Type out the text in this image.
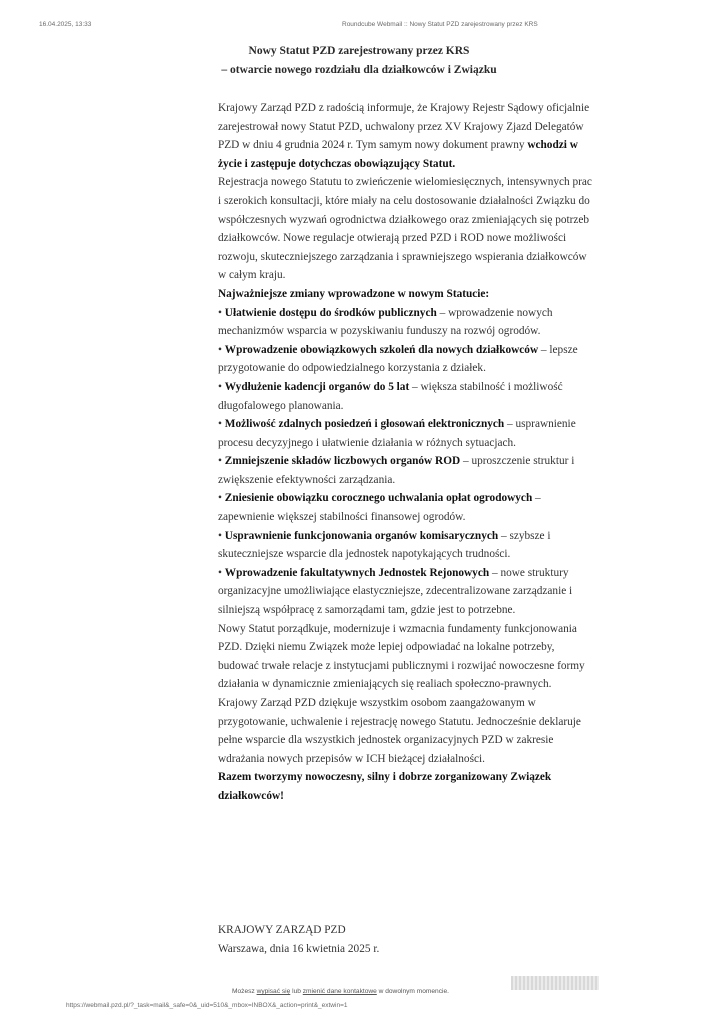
16.04.2025, 13:33	Roundcube Webmail :: Nowy Statut PZD zarejestrowany przez KRS
Nowy Statut PZD zarejestrowany przez KRS
– otwarcie nowego rozdziału dla działkowców i Związku

Krajowy Zarząd PZD z radością informuje, że Krajowy Rejestr Sądowy oficjalnie zarejestrował nowy Statut PZD, uchwalony przez XV Krajowy Zjazd Delegatów PZD w dniu 4 grudnia 2024 r. Tym samym nowy dokument prawny wchodzi w życie i zastępuje dotychczas obowiązujący Statut.

Rejestracja nowego Statutu to zwieńczenie wielomiesięcznych, intensywnych prac i szerokich konsultacji, które miały na celu dostosowanie działalności Związku do współczesnych wyzwań ogrodnictwa działkowego oraz zmieniających się potrzeb działkowców. Nowe regulacje otwierają przed PZD i ROD nowe możliwości rozwoju, skuteczniejszego zarządzania i sprawniejszego wspierania działkowców w całym kraju.

Najważniejsze zmiany wprowadzone w nowym Statucie:

• Ułatwienie dostępu do środków publicznych – wprowadzenie nowych mechanizmów wsparcia w pozyskiwaniu funduszy na rozwój ogrodów.
• Wprowadzenie obowiązkowych szkoleń dla nowych działkowców – lepsze przygotowanie do odpowiedzialnego korzystania z działek.
• Wydłużenie kadencji organów do 5 lat – większa stabilność i możliwość długofalowego planowania.
• Możliwość zdalnych posiedzeń i głosowań elektronicznych – usprawnienie procesu decyzyjnego i ułatwienie działania w różnych sytuacjach.
• Zmniejszenie składów liczbowych organów ROD – uproszczenie struktur i zwiększenie efektywności zarządzania.
• Zniesienie obowiązku corocznego uchwalania opłat ogrodowych – zapewnienie większej stabilności finansowej ogrodów.
• Usprawnienie funkcjonowania organów komisarycznych – szybsze i skuteczniejsze wsparcie dla jednostek napotykających trudności.
• Wprowadzenie fakultatywnych Jednostek Rejonowych – nowe struktury organizacyjne umożliwiające elastyczniejsze, zdecentralizowane zarządzanie i silniejszą współpracę z samorządami tam, gdzie jest to potrzebne.

Nowy Statut porządkuje, modernizuje i wzmacnia fundamenty funkcjonowania PZD. Dzięki niemu Związek może lepiej odpowiadać na lokalne potrzeby, budować trwałe relacje z instytucjami publicznymi i rozwijać nowoczesne formy działania w dynamicznie zmieniających się realiach społeczno-prawnych.

Krajowy Zarząd PZD dziękuje wszystkim osobom zaangażowanym w przygotowanie, uchwalenie i rejestrację nowego Statutu. Jednocześnie deklaruje pełne wsparcie dla wszystkich jednostek organizacyjnych PZD w zakresie wdrażania nowych przepisów w ICH bieżącej działalności.

Razem tworzymy nowoczesny, silny i dobrze zorganizowany Związek działkowców!

KRAJOWY ZARZĄD PZD
Warszawa, dnia 16 kwietnia 2025 r.
Możesz wypisać się lub zmienić dane kontaktowe w dowolnym momencie.
https://webmail.pzd.pl/?_task=mail&_safe=0&_uid=510&_mbox=INBOX&_action=print&_extwin=1
